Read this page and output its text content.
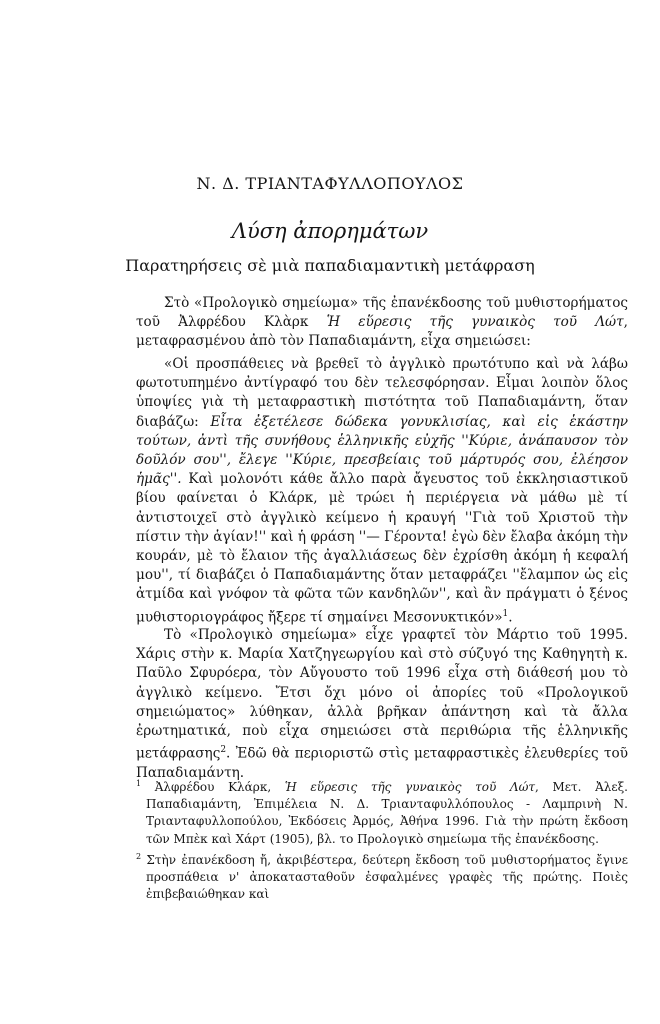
Ν. Δ. ΤΡΙΑΝΤΑΦΥΛΛΟΠΟΥΛΟΣ
Λύση ἀπορημάτων
Παρατηρήσεις σὲ μιὰ παπαδιαμαντικὴ μετάφραση

Στὸ «Προλογικὸ σημείωμα» τῆς ἐπανέκδοσης τοῦ μυθιστορήματος τοῦ Ἀλφρέδου Κλὰρκ Ἡ εὕρεσις τῆς γυναικὸς τοῦ Λώτ, μεταφρασμένου ἀπὸ τὸν Παπαδιαμάντη, εἶχα σημειώσει:

«Οἱ προσπάθειες νὰ βρεθεῖ τὸ ἀγγλικὸ πρωτότυπο καὶ νὰ λάβω φωτοτυπημένο ἀντίγραφό του δὲν τελεσφόρησαν. Εἶμαι λοιπὸν ὅλος ὑποψίες γιὰ τὴ μεταφραστικὴ πιστότητα τοῦ Παπαδιαμάντη, ὅταν διαβάζω: Εἶτα ἐξετέλεσε δώδεκα γονυκλισίας, καὶ εἰς ἑκάστην τούτων, ἀντὶ τῆς συνήθους ἑλληνικῆς εὐχῆς ''Κύριε, ἀνάπαυσον τὸν δοῦλόν σου'', ἔλεγε ''Κύριε, πρεσβείαις τοῦ μάρτυρός σου, ἐλέησον ἡμᾶς''. Καὶ μολονότι κάθε ἄλλο παρὰ ἄγευστος τοῦ ἐκκλησιαστικοῦ βίου φαίνεται ὁ Κλάρκ, μὲ τρώει ἡ περιέργεια νὰ μάθω μὲ τί ἀντιστοιχεῖ στὸ ἀγγλικὸ κείμενο ἡ κραυγή ''Γιὰ τοῦ Χριστοῦ τὴν πίστιν τὴν ἁγίαν!'' καὶ ἡ φράση ''— Γέροντα! ἐγὼ δὲν ἔλαβα ἀκόμη τὴν κουράν, μὲ τὸ ἔλαιον τῆς ἀγαλλιάσεως δὲν ἐχρίσθη ἀκόμη ἡ κεφαλή μου'', τί διαβάζει ὁ Παπαδιαμάντης ὅταν μεταφράζει ''ἔλαμπον ὡς εἰς ἀτμίδα καὶ γνόφον τὰ φῶτα τῶν κανδηλῶν'', καὶ ἂν πράγματι ὁ ξένος μυθιστοριογράφος ἤξερε τί σημαίνει Μεσονυκτικόν»$^1$.

Τὸ «Προλογικὸ σημείωμα» εἶχε γραφτεῖ τὸν Μάρτιο τοῦ 1995. Χάρις στὴν κ. Μαρία Χατζηγεωργίου καὶ στὸ σύζυγό της Καθηγητὴ κ. Παῦλο Σφυρόερα, τὸν Αὔγουστο τοῦ 1996 εἶχα στὴ διάθεσή μου τὸ ἀγγλικὸ κείμενο. Ἔτσι ὄχι μόνο οἱ ἀπορίες τοῦ «Προλογικοῦ σημειώματος» λύθηκαν, ἀλλὰ βρῆκαν ἀπάντηση καὶ τὰ ἄλλα ἐρωτηματικά, ποὺ εἶχα σημειώσει στὰ περιθώρια τῆς ἑλληνικῆς μετάφρασης$^2$. Ἐδῶ θὰ περιοριστῶ στὶς μεταφραστικὲς ἐλευθερίες τοῦ Παπαδιαμάντη.

$^1$ Ἀλφρέδου Κλάρκ, Ἡ εὕρεσις τῆς γυναικὸς τοῦ Λώτ, Μετ. Ἀλεξ. Παπαδιαμάντη, Ἐπιμέλεια Ν. Δ. Τριανταφυλλόπουλος - Λαμπρινὴ Ν. Τριανταφυλλοπούλου, Ἐκδόσεις Ἀρμός, Ἀθήνα 1996. Γιὰ τὴν πρώτη ἔκδοση τῶν Μπὲκ καὶ Χάρτ (1905), βλ. το Προλογικὸ σημείωμα τῆς ἐπανέκδοσης.

$^2$ Στὴν ἐπανέκδοση ἤ, ἀκριβέστερα, δεύτερη ἔκδοση τοῦ μυθιστορήματος ἔγινε προσπάθεια ν' ἀποκατασταθοῦν ἐσφαλμένες γραφὲς τῆς πρώτης. Ποιὲς ἐπιβεβαιώθηκαν καὶ
